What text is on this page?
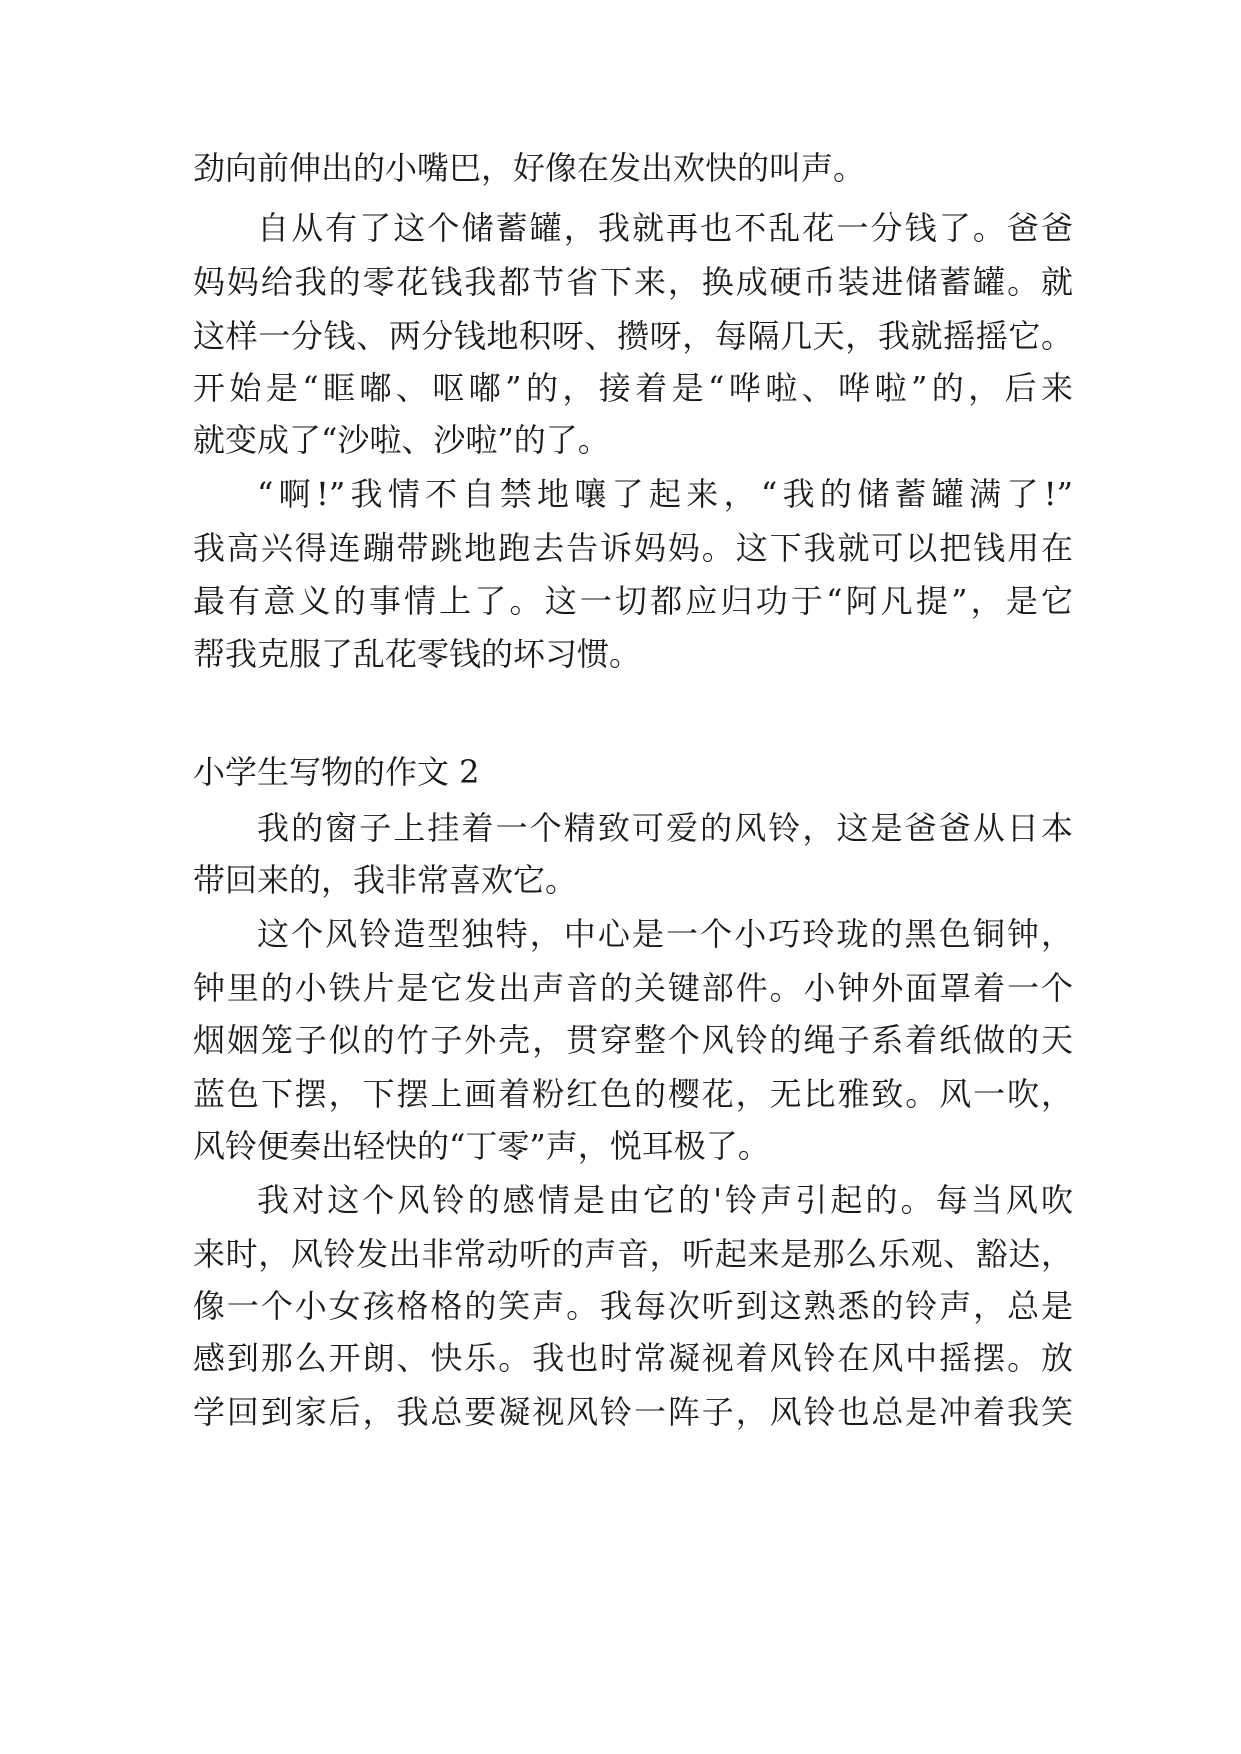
劲向前伸出的小嘴巴，好像在发出欢快的叫声。
自从有了这个储蓄罐，我就再也不乱花一分钱了。爸爸
妈妈给我的零花钱我都节省下来，换成硬币装进储蓄罐。就
这样一分钱、两分钱地积呀、攒呀，每隔几天，我就摇摇它。
开始是“眶嘟、呕嘟”的，接着是“哗啦、哗啦”的，后来
就变成了“沙啦、沙啦”的了。
“啊!”我情不自禁地嚷了起来，“我的储蓄罐满了!”
我高兴得连蹦带跳地跑去告诉妈妈。这下我就可以把钱用在
最有意义的事情上了。这一切都应归功于“阿凡提”，是它
帮我克服了乱花零钱的坏习惯。
小学生写物的作文 2
我的窗子上挂着一个精致可爱的风铃，这是爸爸从日本
带回来的，我非常喜欢它。
这个风铃造型独特，中心是一个小巧玲珑的黑色铜钟，
钟里的小铁片是它发出声音的关键部件。小钟外面罩着一个
烟姻笼子似的竹子外壳，贯穿整个风铃的绳子系着纸做的天
蓝色下摆，下摆上画着粉红色的樱花，无比雅致。风一吹，
风铃便奏出轻快的“丁零”声，悦耳极了。
我对这个风铃的感情是由它的'铃声引起的。每当风吹
来时，风铃发出非常动听的声音，听起来是那么乐观、豁达，
像一个小女孩格格的笑声。我每次听到这熟悉的铃声，总是
感到那么开朗、快乐。我也时常凝视着风铃在风中摇摆。放
学回到家后，我总要凝视风铃一阵子，风铃也总是冲着我笑
